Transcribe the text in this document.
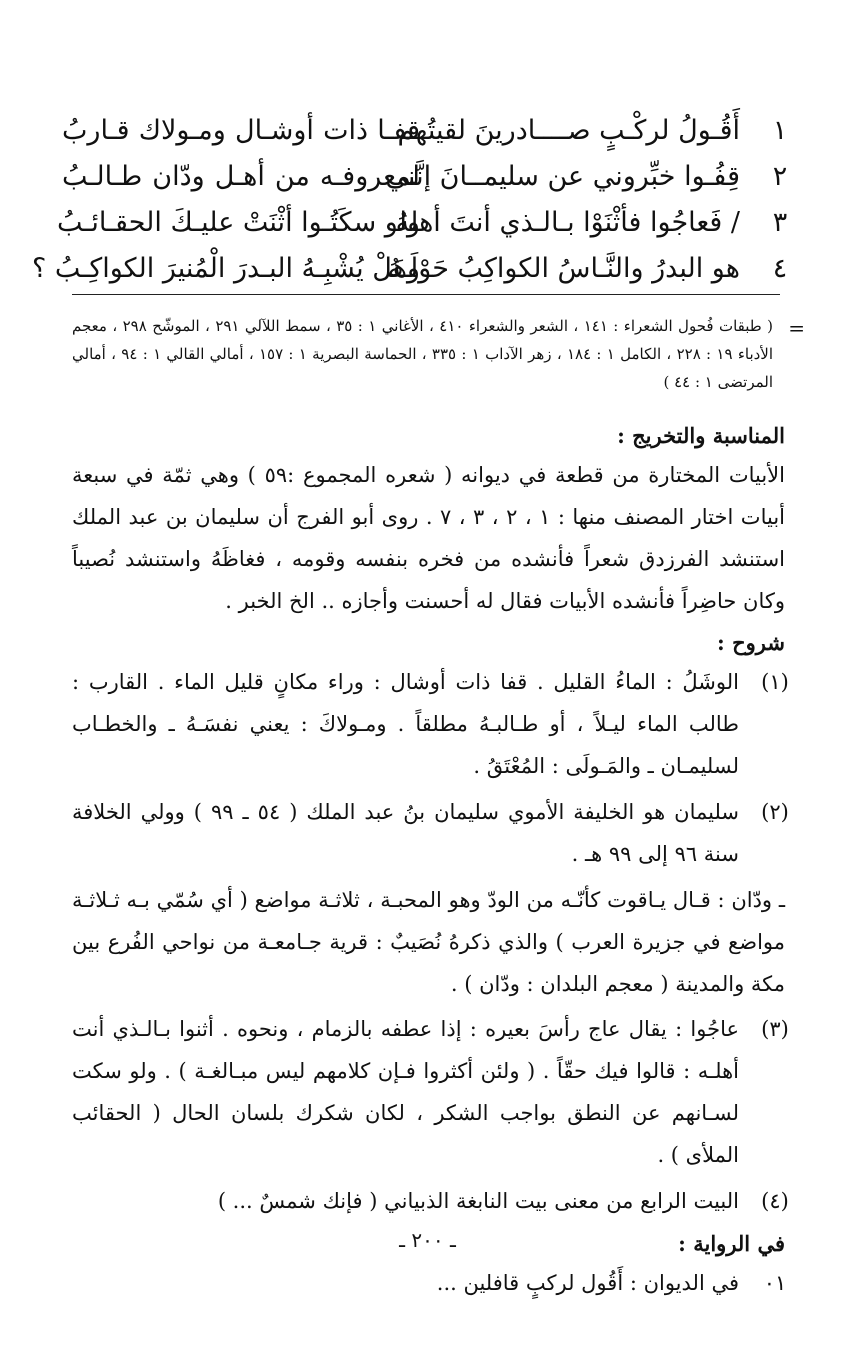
١
أَقُـولُ لركْـبٍ صــــادرينَ لقيتُهم
قفـا ذات أوشـال ومـولاك قـاربُ
٢
قِفُـوا خبِّروني عن سليمــانَ إنَّني
لمعروفـه من أهـل ودّان طـالـبُ
٣
/ فَعاجُوا فأثْنَوْا بـالـذي أنتَ أهلهُ
ولو سكَتُـوا أثْنَتْ عليـكَ الحقـائـبُ
٤
هو البدرُ والنَّـاسُ الكواكِبُ حَوْلَـهُ
وهَلْ يُشْبِـهُ البـدرَ الْمُنيرَ الكواكِـبُ ؟
=
( طبقات فُحول الشعراء : ١٤١ ، الشعر والشعراء ٤١٠ ، الأغاني ١ : ٣٥ ، سمط اللآلي ٢٩١ ، الموشّح ٢٩٨ ، معجم الأدباء ١٩ : ٢٢٨ ، الكامل ١ : ١٨٤ ، زهر الآداب ١ : ٣٣٥ ، الحماسة البصرية ١ : ١٥٧ ، أمالي القالي ١ : ٩٤ ، أمالي المرتضى ١ : ٤٤ )

المناسبة والتخريج :

الأبيات المختارة من قطعة في ديوانه ( شعره المجموع :٥٩ ) وهي ثمّة في سبعة أبيات اختار المصنف منها : ١ ، ٢ ، ٣ ، ٧ . روى أبو الفرج أن سليمان بن عبد الملك استنشد الفرزدق شعراً فأنشده من فخره بنفسه وقومه ، فغاظَهُ واستنشد نُصيباً وكان حاضِراً فأنشده الأبيات فقال له أحسنت وأجازه .. الخ الخبر .

شروح :

(١)
الوشَلُ : الماءُ القليل . قفا ذات أوشال : وراء مكانٍ قليل الماء . القارب : طالب الماء ليـلاً ، أو طـالبـهُ مطلقاً . ومـولاكَ : يعني نفسَـهُ ـ والخطـاب لسليمـان ـ والمَـولَى : المُعْتَقُ .
(٢)
سليمان هو الخليفة الأموي سليمان بنُ عبد الملك ( ٥٤ ـ ٩٩ ) وولي الخلافة سنة ٩٦ إلى ٩٩ هـ .

ـ ودّان : قـال يـاقوت كأنّـه من الودّ وهو المحبـة ، ثلاثـة مواضع ( أي سُمّي بـه ثـلاثـة مواضع في جزيرة العرب ) والذي ذكرهُ نُصَيبٌ : قرية جـامعـة من نواحي الفُرع بين مكة والمدينة ( معجم البلدان : ودّان ) .

(٣)
عاجُوا : يقال عاج رأسَ بعيره : إذا عطفه بالزمام ، ونحوه . أثنوا بـالـذي أنت أهلـه : قالوا فيك حقّاً . ( ولئن أكثروا فـإن كلامهم ليس مبـالغـة ) . ولو سكت لسـانهم عن النطق بواجب الشكر ، لكان شكرك بلسان الحال ( الحقائب الملأى ) .
(٤)
البيت الرابع من معنى بيت النابغة الذبياني ( فإنك شمسٌ ... )

في الرواية :

٠١
في الديوان : أَقُول لركبٍ قافلين ...
ـ ٢٠٠ ـ
